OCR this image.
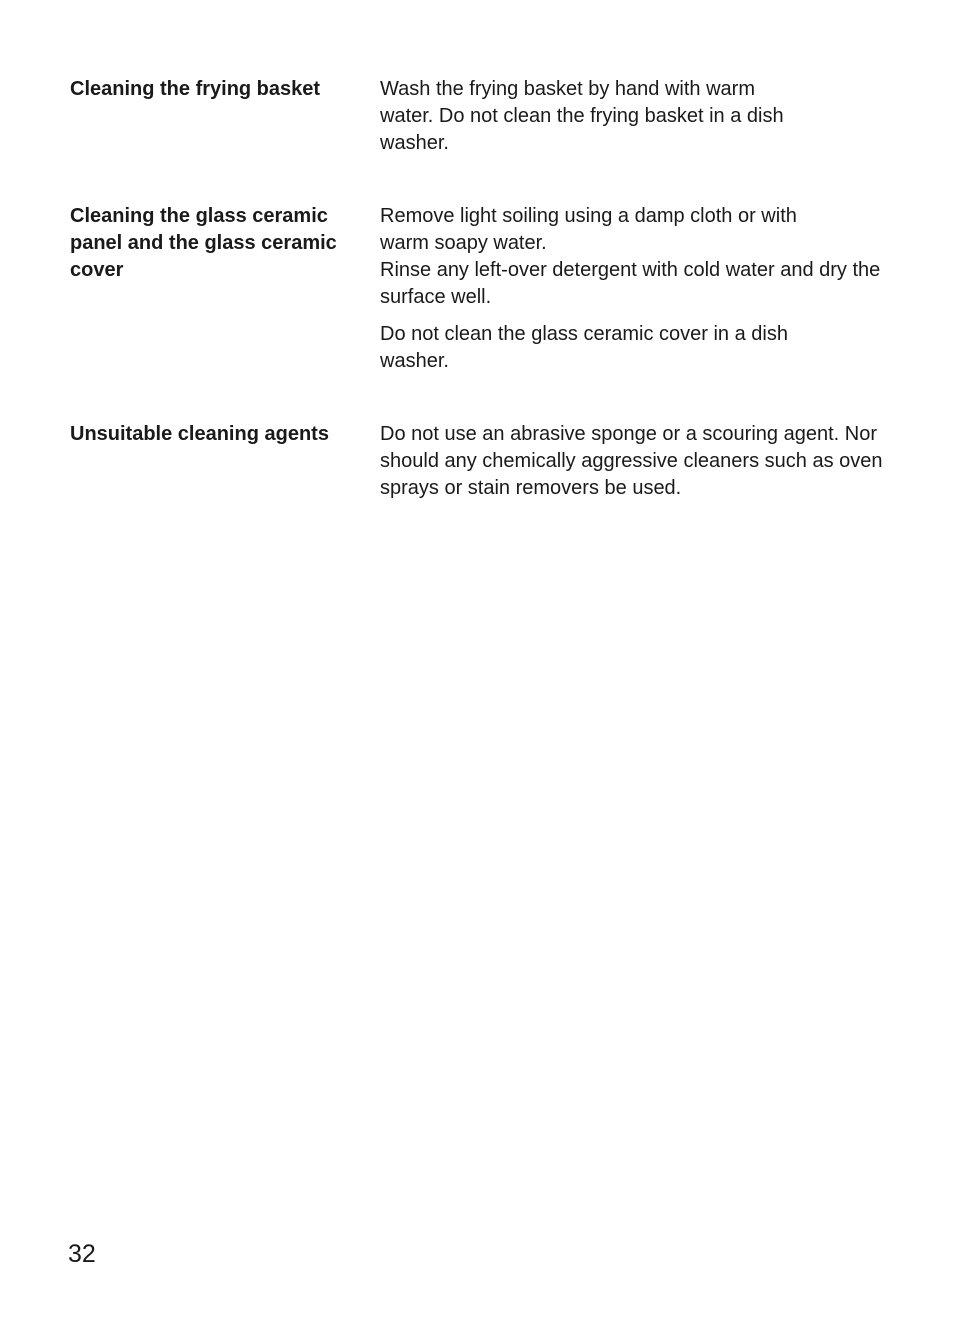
Cleaning the frying basket	Wash the frying basket by hand with warm water. Do not clean the frying basket in a dish washer.

Cleaning the glass ceramic panel and the glass ceramic cover

Remove light soiling using a damp cloth or with warm soapy water.

Rinse any left-over detergent with cold water and dry the surface well.

Do not clean the glass ceramic cover in a dish washer.

Unsuitable cleaning agents	Do not use an abrasive sponge or a scouring agent. Nor should any chemically aggressive cleaners such as oven sprays or stain removers be used.

32
